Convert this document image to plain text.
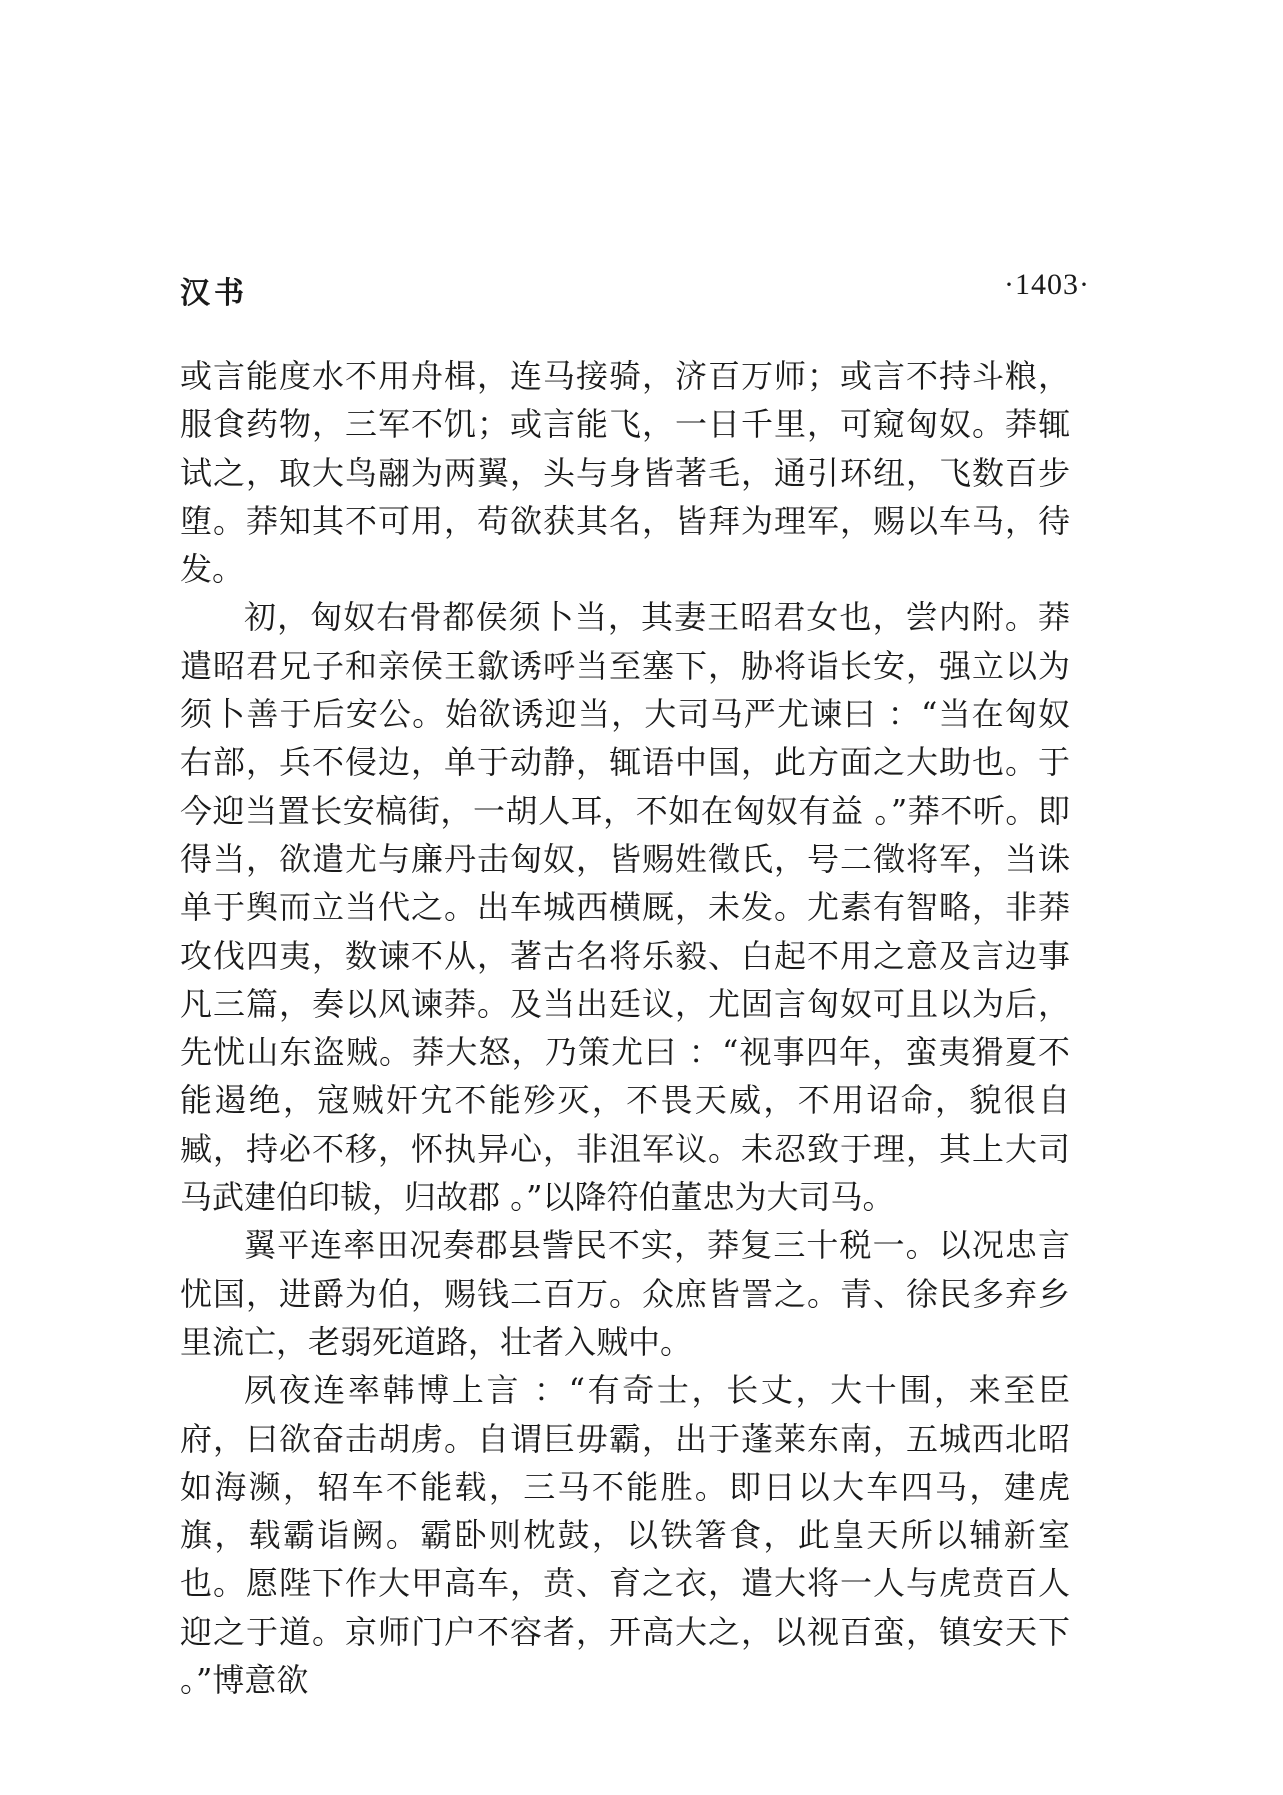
汉书	·1403·

或言能度水不用舟楫，连马接骑，济百万师；或言不持斗粮，服食药物，三军不饥；或言能飞，一日千里，可窥匈奴。莽辄试之，取大鸟翮为两翼，头与身皆著毛，通引环纽，飞数百步堕。莽知其不可用，苟欲获其名，皆拜为理军，赐以车马，待发。

初，匈奴右骨都侯须卜当，其妻王昭君女也，尝内附。莽遣昭君兄子和亲侯王歙诱呼当至塞下，胁将诣长安，强立以为须卜善于后安公。始欲诱迎当，大司马严尤谏曰 ：“当在匈奴右部，兵不侵边，单于动静，辄语中国，此方面之大助也。于今迎当置长安槁街，一胡人耳，不如在匈奴有益 。”莽不听。即得当，欲遣尤与廉丹击匈奴，皆赐姓徵氏，号二徵将军，当诛单于舆而立当代之。出车城西横厩，未发。尤素有智略，非莽攻伐四夷，数谏不从，著古名将乐毅、白起不用之意及言边事凡三篇，奏以风谏莽。及当出廷议，尤固言匈奴可且以为后，先忧山东盗贼。莽大怒，乃策尤曰 ：“视事四年，蛮夷猾夏不能遏绝，寇贼奸宄不能殄灭，不畏天威，不用诏命，貌很自臧，持必不移，怀执异心，非沮军议。未忍致于理，其上大司马武建伯印韨，归故郡 。”以降符伯董忠为大司马。

翼平连率田况奏郡县訾民不实，莽复三十税一。以况忠言忧国，进爵为伯，赐钱二百万。众庶皆詈之。青、徐民多弃乡里流亡，老弱死道路，壮者入贼中。

夙夜连率韩博上言 ：“有奇士，长丈，大十围，来至臣府，曰欲奋击胡虏。自谓巨毋霸，出于蓬莱东南，五城西北昭如海濒，轺车不能载，三马不能胜。即日以大车四马，建虎旗，载霸诣阙。霸卧则枕鼓，以铁箸食，此皇天所以辅新室也。愿陛下作大甲高车，贲、育之衣，遣大将一人与虎贲百人迎之于道。京师门户不容者，开高大之，以视百蛮，镇安天下 。”博意欲
